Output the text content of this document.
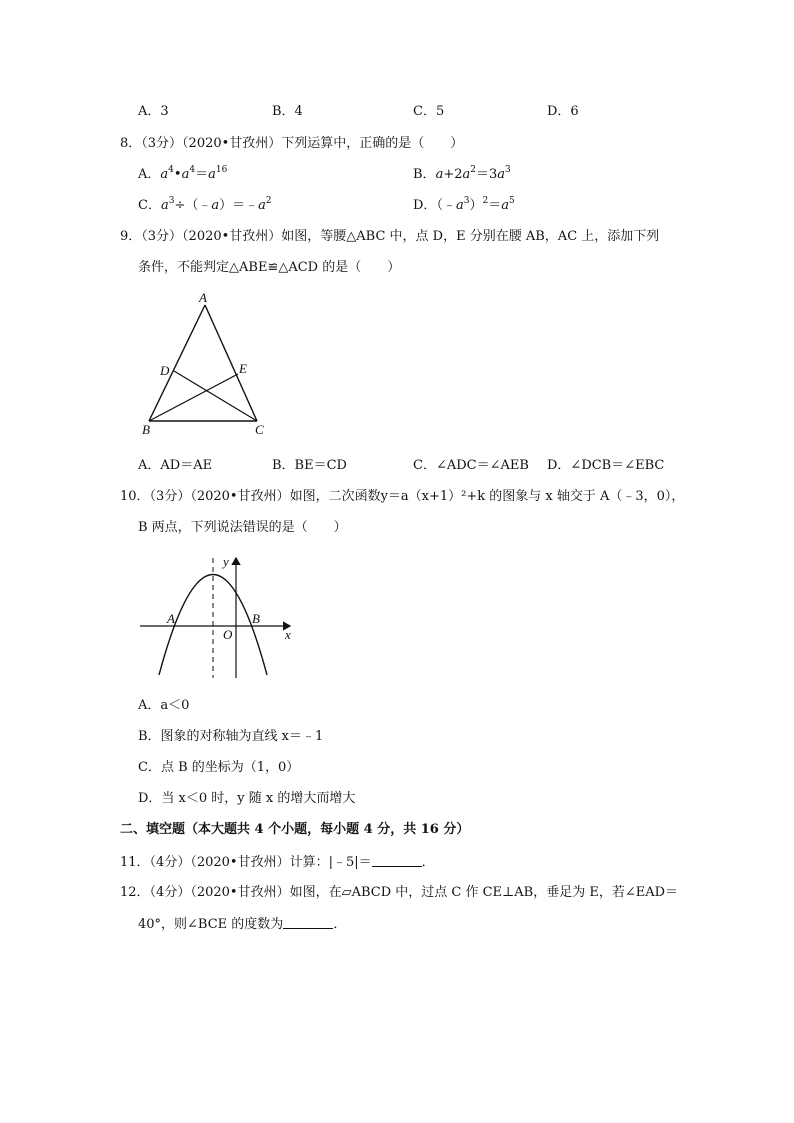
A．3	B．4	C．5	D．6
8．（3分）（2020•甘孜州）下列运算中，正确的是（　　）
A．$a^4•a^4=a^{16}$	B．$a+2a^2=3a^3$
C．$a^3\div(﹣a)=﹣a^2$	D．$(﹣a^3)^2=a^5$
9．（3分）（2020•甘孜州）如图，等腰△ABC 中，点 D，E 分别在腰 AB，AC 上，添加下列
条件，不能判定△ABE≌△ACD 的是（　　）
A
D	E
B	C
A．AD＝AE	B．BE＝CD	C．∠ADC＝∠AEB D．∠DCB＝∠EBC
10．（3分）（2020•甘孜州）如图，二次函数y＝a（x+1）²+k 的图象与 x 轴交于 A（﹣3，0），
B 两点，下列说法错误的是（　　）
y
x
A	B
O
A．a＜0
B．图象的对称轴为直线 x＝﹣1
C．点 B 的坐标为（1，0）
D．当 x＜0 时，y 随 x 的增大而增大
二、填空题（本大题共 4 个小题，每小题 4 分，共 16 分）
11．（4分）（2020•甘孜州）计算：|﹣5|＝	．
12．（4分）（2020•甘孜州）如图，在▱ABCD 中，过点 C 作 CE⊥AB，垂足为 E，若∠EAD＝
40°，则∠BCE 的度数为	．
